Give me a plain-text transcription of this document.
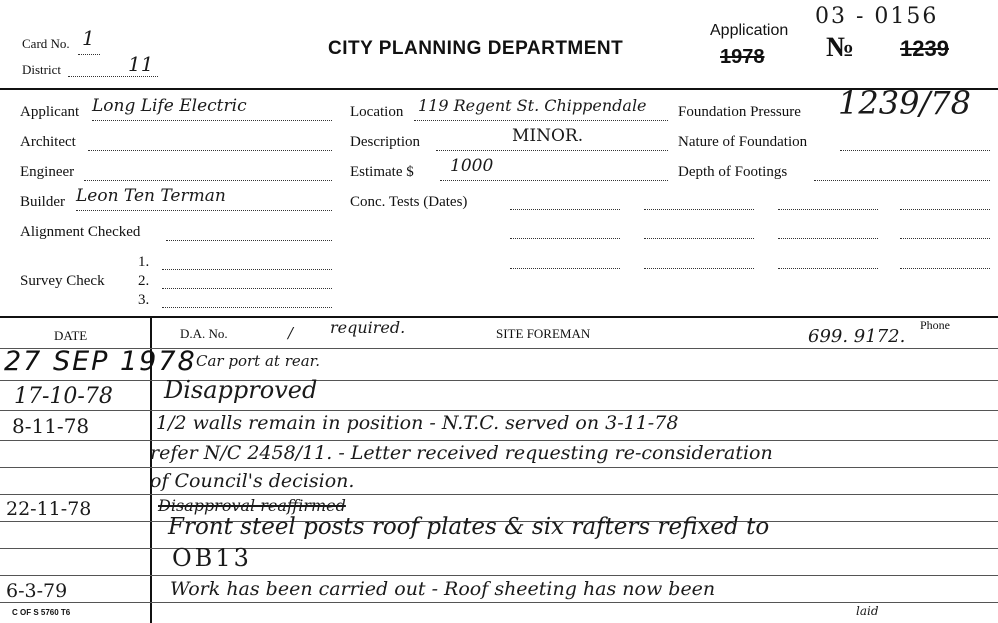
Card No. 1
District	11
CITY PLANNING DEPARTMENT
Application
1978 № 1239
03 - 0156
Applicant Long Life Electric
Architect
Engineer
Builder Leon Ten Terman
Alignment Checked
Survey Check
1.
2.
3.
Location 119 Regent St. Chippendale
Description	MINOR.
Estimate $ 1000
Conc. Tests (Dates)
Foundation Pressure 1239/78
Nature of Foundation
Depth of Footings
DATE	D.A. No.	/ required.	SITE FOREMAN
Phone
699. 9172.
27 SEP 1978 Car port at rear.
17-10-78 Disapproved
8-11-78	1/2 walls remain in position - N.T.C. served on 3-11-78
refer N/C 2458/11. - Letter received requesting re-consideration
of Council's decision.
22-11-78	Disapproval reaffirmed
Front steel posts roof plates & six rafters refixed to
OB13
6-3-79	Work has been carried out - Roof sheeting has now been
laid
C OF S 5760 T6
